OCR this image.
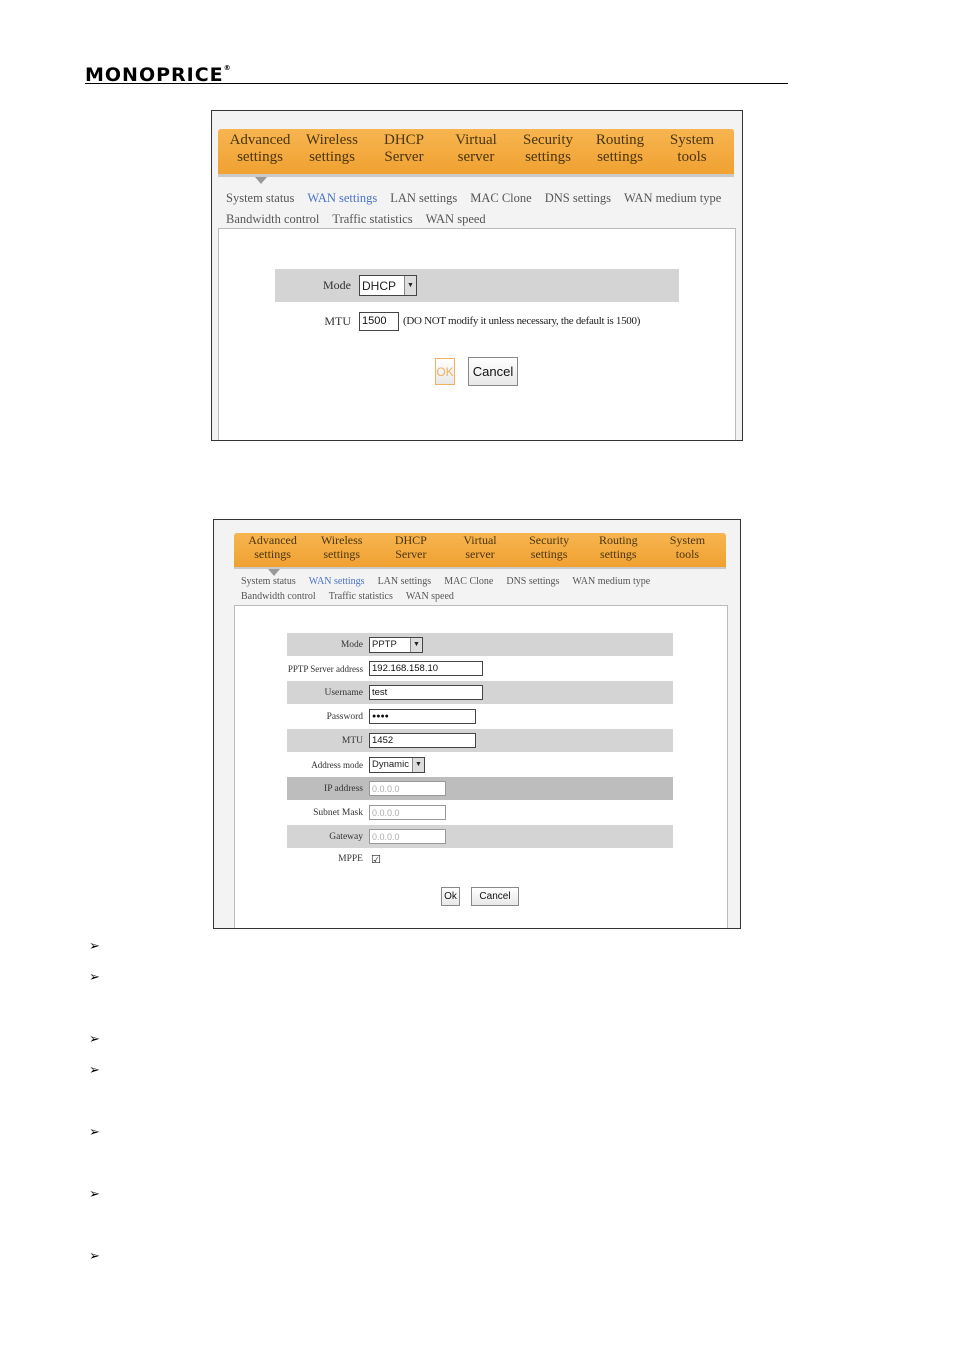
MONOPRICE®
Advanced
settings
Wireless
settings
DHCP
Server
Virtual
server
Security
settings
Routing
settings
System
tools
System status WAN settings LAN settings MAC Clone DNS settings WAN medium type
Bandwidth control Traffic statistics WAN speed
Mode DHCP	▼
MTU 1500	(DO NOT modify it unless necessary, the default is 1500)
OK	Cancel
Advanced
settings
Wireless
settings
DHCP
Server
Virtual
server
Security
settings
Routing
settings
System
tools
System status WAN settings LAN settings MAC Clone DNS settings WAN medium type
Bandwidth control Traffic statistics WAN speed
Mode PPTP	▼
PPTP Server address 192.168.158.10
Username test
Password	●●●●
MTU 1452
Address mode Dynamic ▼
IP address	0.0.0.0
Subnet Mask	0.0.0.0
Gateway	0.0.0.0
MPPE ☑
Ok	Cancel
➢
➢
➢
➢
➢
➢
➢
